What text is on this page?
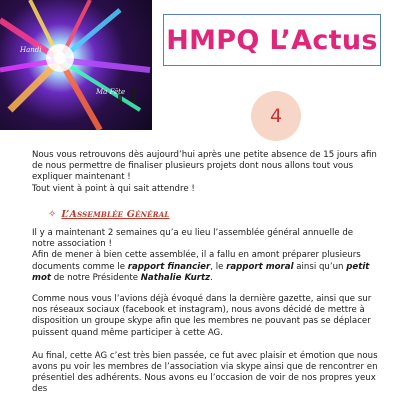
Handi
Ma Fête
HMPQ L’Actus
4

Nous vous retrouvons dès aujourd’hui après une petite absence de 15 jours afin de nous permettre de finaliser plusieurs projets dont nous allons tout vous expliquer maintenant !
Tout vient à point à qui sait attendre !

✧ L’Assemblée Général

Il y a maintenant 2 semaines qu’a eu lieu l’assemblée général annuelle de notre association !

Afin de mener à bien cette assemblée, il a fallu en amont préparer plusieurs documents comme le rapport financier, le rapport moral ainsi qu’un petit mot de notre Présidente Nathalie Kurtz.

Comme nous vous l’avions déjà évoqué dans la dernière gazette, ainsi que sur nos réseaux sociaux (facebook et instagram), nous avons décidé de mettre à disposition un groupe skype afin que les membres ne pouvant pas se déplacer puissent quand même participer à cette AG.

Au final, cette AG c’est très bien passée, ce fut avec plaisir et émotion que nous avons pu voir les membres de l’association via skype ainsi que de rencontrer en présentiel des adhérents. Nous avons eu l’occasion de voir de nos propres yeux des
